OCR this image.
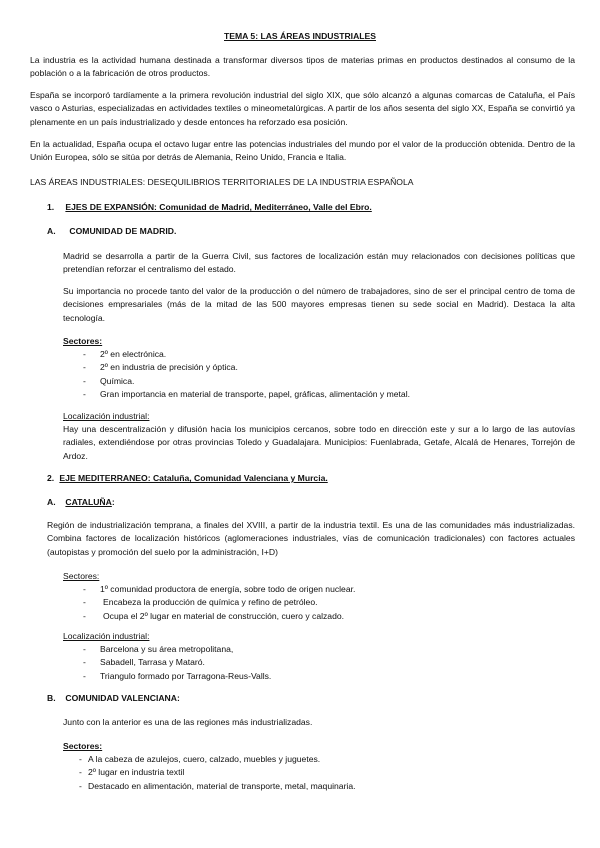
TEMA 5: LAS ÁREAS INDUSTRIALES

La industria es la actividad humana destinada a transformar diversos tipos de materias primas en productos destinados al consumo de la población o a la fabricación de otros productos.

España se incorporó tardíamente a la primera revolución industrial del siglo XIX, que sólo alcanzó a algunas comarcas de Cataluña, el País vasco o Asturias, especializadas en actividades textiles o mineometalúrgicas. A partir de los años sesenta del siglo XX, España se convirtió ya plenamente en un país industrializado y desde entonces ha reforzado esa posición.

En la actualidad, España ocupa el octavo lugar entre las potencias industriales del mundo por el valor de la producción obtenida. Dentro de la Unión Europea, sólo se sitúa por detrás de Alemania, Reino Unido, Francia e Italia.

LAS ÁREAS INDUSTRIALES: DESEQUILIBRIOS TERRITORIALES DE LA INDUSTRIA ESPAÑOLA
1. EJES DE EXPANSIÓN: Comunidad de Madrid, Mediterráneo, Valle del Ebro.
A. COMUNIDAD DE MADRID.

Madrid se desarrolla a partir de la Guerra Civil, sus factores de localización están muy relacionados con decisiones políticas que pretendían reforzar el centralismo del estado.

Su importancia no procede tanto del valor de la producción o del número de trabajadores, sino de ser el principal centro de toma de decisiones empresariales (más de la mitad de las 500 mayores empresas tienen su sede social en Madrid). Destaca la alta tecnología.

Sectores:
- 2º en electrónica.
- 2º en industria de precisión y óptica.
- Química.
- Gran importancia en material de transporte, papel, gráficas, alimentación y metal.
Localización industrial:

Hay una descentralización y difusión hacia los municipios cercanos, sobre todo en dirección este y sur a lo largo de las autovías radiales, extendiéndose por otras provincias Toledo y Guadalajara. Municipios: Fuenlabrada, Getafe, Alcalá de Henares, Torrejón de Ardoz.

2. EJE MEDITERRANEO: Cataluña, Comunidad Valenciana y Murcia.
A. CATALUÑA:

Región de industrialización temprana, a finales del XVIII, a partir de la industria textil. Es una de las comunidades más industrializadas. Combina factores de localización históricos (aglomeraciones industriales, vías de comunicación tradicionales) con factores actuales (autopistas y promoción del suelo por la administración, I+D)

Sectores:
- 1º comunidad productora de energía, sobre todo de origen nuclear.
- Encabeza la producción de química y refino de petróleo.
- Ocupa el 2º lugar en material de construcción, cuero y calzado.
Localización industrial:
- Barcelona y su área metropolitana,
- Sabadell, Tarrasa y Mataró.
- Triangulo formado por Tarragona-Reus-Valls.
B. COMUNIDAD VALENCIANA:

Junto con la anterior es una de las regiones más industrializadas.

Sectores:
- A la cabeza de azulejos, cuero, calzado, muebles y juguetes.
- 2º lugar en industria textil
- Destacado en alimentación, material de transporte, metal, maquinaria.
